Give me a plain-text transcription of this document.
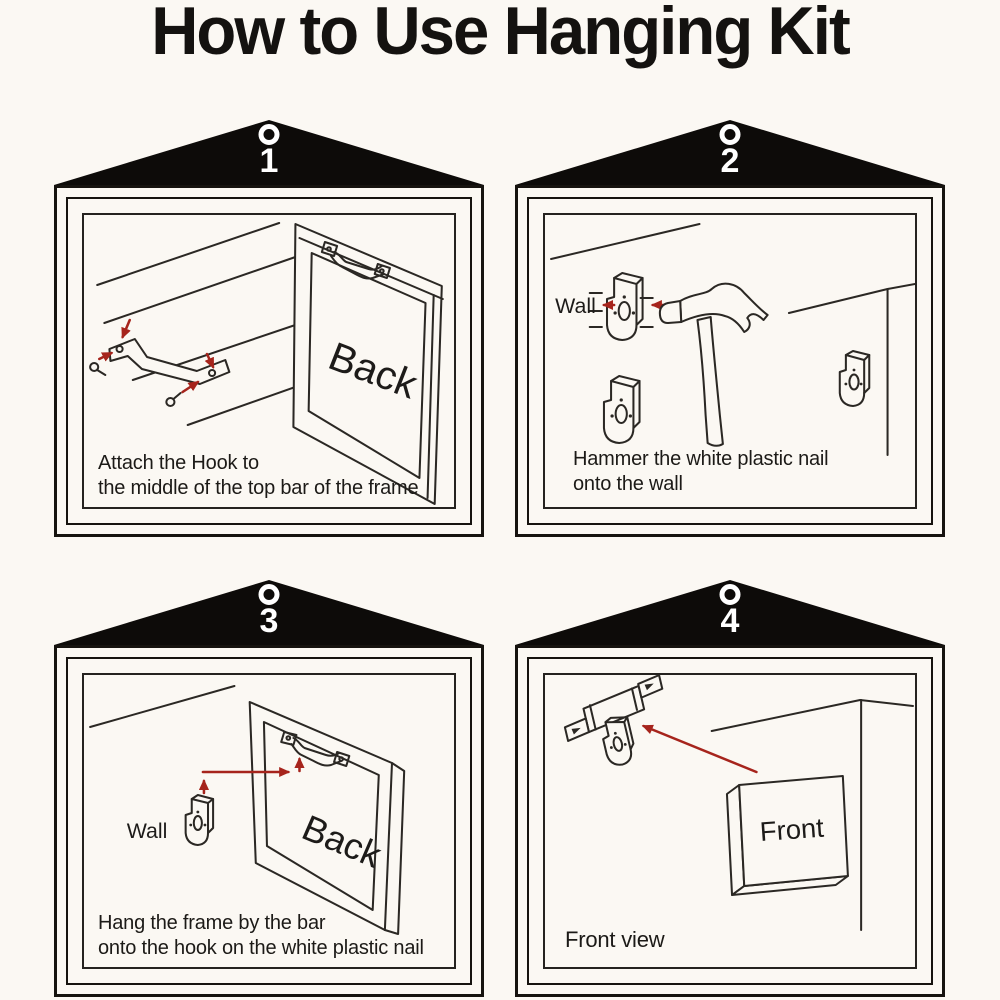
How to Use Hanging Kit
1
Back
Attach the Hook to
the middle of the top bar of the frame
2
Wall
Hammer the white plastic nail
onto the wall
3
Back
Wall
Hang the frame by the bar
onto the hook on the white plastic nail
4
Front
Front view
